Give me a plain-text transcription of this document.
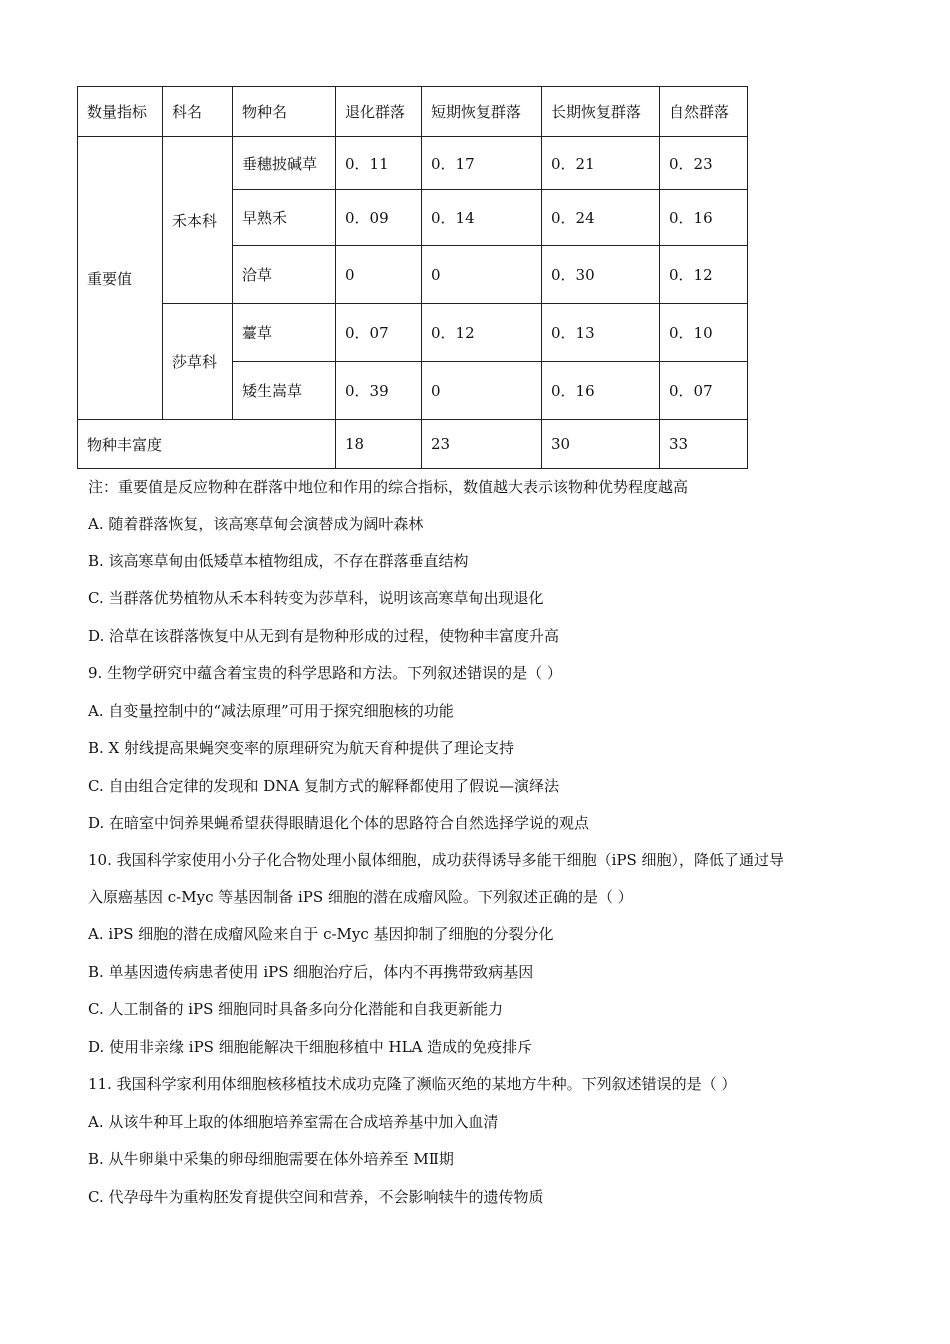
数量指标	科名	物种名	退化群落	短期恢复群落	长期恢复群落	自然群落
重要值	禾本科	垂穗披碱草	0．11	0．17	0．21	0．23
		早熟禾	0．09	0．14	0．24	0．16
		洽草	0	0	0．30	0．12
	莎草科	薹草	0．07	0．12	0．13	0．10
		矮生嵩草	0．39	0	0．16	0．07
物种丰富度			18	23	30	33
注：重要值是反应物种在群落中地位和作用的综合指标，数值越大表示该物种优势程度越高
A. 随着群落恢复，该高寒草甸会演替成为阔叶森林
B. 该高寒草甸由低矮草本植物组成，不存在群落垂直结构
C. 当群落优势植物从禾本科转变为莎草科，说明该高寒草甸出现退化
D. 洽草在该群落恢复中从无到有是物种形成的过程，使物种丰富度升高
9. 生物学研究中蕴含着宝贵的科学思路和方法。下列叙述错误的是（ ）
A. 自变量控制中的“减法原理”可用于探究细胞核的功能
B. X 射线提高果蝇突变率的原理研究为航天育种提供了理论支持
C. 自由组合定律的发现和 DNA 复制方式的解释都使用了假说—演绎法
D. 在暗室中饲养果蝇希望获得眼睛退化个体的思路符合自然选择学说的观点
10. 我国科学家使用小分子化合物处理小鼠体细胞，成功获得诱导多能干细胞（iPS 细胞），降低了通过导
入原癌基因 c-Myc 等基因制备 iPS 细胞的潜在成瘤风险。下列叙述正确的是（ ）
A. iPS 细胞的潜在成瘤风险来自于 c-Myc 基因抑制了细胞的分裂分化
B. 单基因遗传病患者使用 iPS 细胞治疗后，体内不再携带致病基因
C. 人工制备的 iPS 细胞同时具备多向分化潜能和自我更新能力
D. 使用非亲缘 iPS 细胞能解决干细胞移植中 HLA 造成的免疫排斥
11. 我国科学家利用体细胞核移植技术成功克隆了濒临灭绝的某地方牛种。下列叙述错误的是（ ）
A. 从该牛种耳上取的体细胞培养室需在合成培养基中加入血清
B. 从牛卵巢中采集的卵母细胞需要在体外培养至 MⅡ期
C. 代孕母牛为重构胚发育提供空间和营养，不会影响犊牛的遗传物质
